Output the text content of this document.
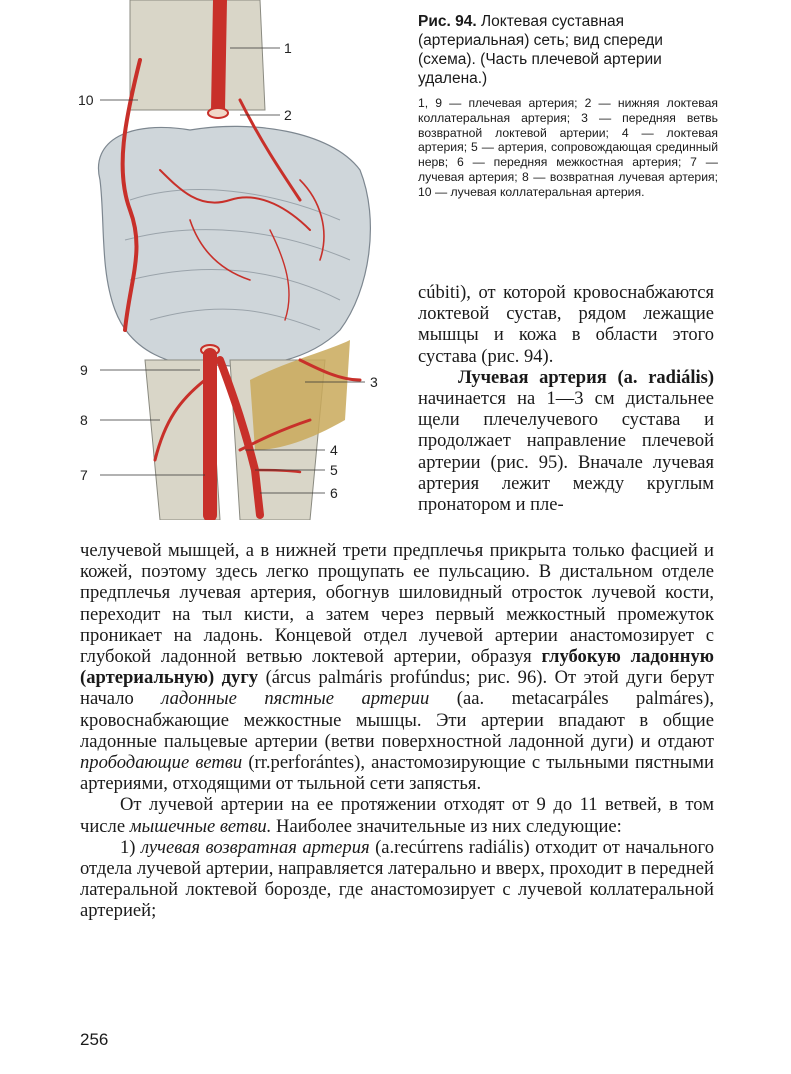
1
2
10
9
3
8
4
5
7
6

Рис. 94. Локтевая суставная (артериальная) сеть; вид спереди (схема). (Часть плечевой артерии удалена.)

1, 9 — плечевая артерия; 2 — нижняя локтевая коллатеральная артерия; 3 — передняя ветвь возвратной локтевой артерии; 4 — локтевая артерия; 5 — артерия, сопровождающая срединный нерв; 6 — передняя межкостная артерия; 7 — лучевая артерия; 8 — возвратная лучевая артерия; 10 — лучевая коллатеральная артерия.

cúbiti), от которой кровоснабжаются локтевой сустав, рядом лежащие мышцы и кожа в области этого сустава (рис. 94).

Лучевая артерия (a. radiális) начинается на 1—3 см дистальнее щели плечелучевого сустава и продолжает направление плечевой артерии (рис. 95). Вначале лучевая артерия лежит между круглым пронатором и пле-

челучевой мышцей, а в нижней трети предплечья прикрыта только фасцией и кожей, поэтому здесь легко прощупать ее пульсацию. В дистальном отделе предплечья лучевая артерия, обогнув шиловидный отросток лучевой кости, переходит на тыл кисти, а затем через первый межкостный промежуток проникает на ладонь. Концевой отдел лучевой артерии анастомозирует с глубокой ладонной ветвью локтевой артерии, образуя глубокую ладонную (артериальную) дугу (árcus palmáris profúndus; рис. 96). От этой дуги берут начало ладонные пястные артерии (aa. metacarpáles palmáres), кровоснабжающие межкостные мышцы. Эти артерии впадают в общие ладонные пальцевые артерии (ветви поверхностной ладонной дуги) и отдают прободающие ветви (rr.perforántes), анастомозирующие с тыльными пястными артериями, отходящими от тыльной сети запястья.

От лучевой артерии на ее протяжении отходят от 9 до 11 ветвей, в том числе мышечные ветви. Наиболее значительные из них следующие:

1) лучевая возвратная артерия (a.recúrrens radiális) отходит от начального отдела лучевой артерии, направляется латерально и вверх, проходит в передней латеральной локтевой борозде, где анастомозирует с лучевой коллатеральной артерией;

256
